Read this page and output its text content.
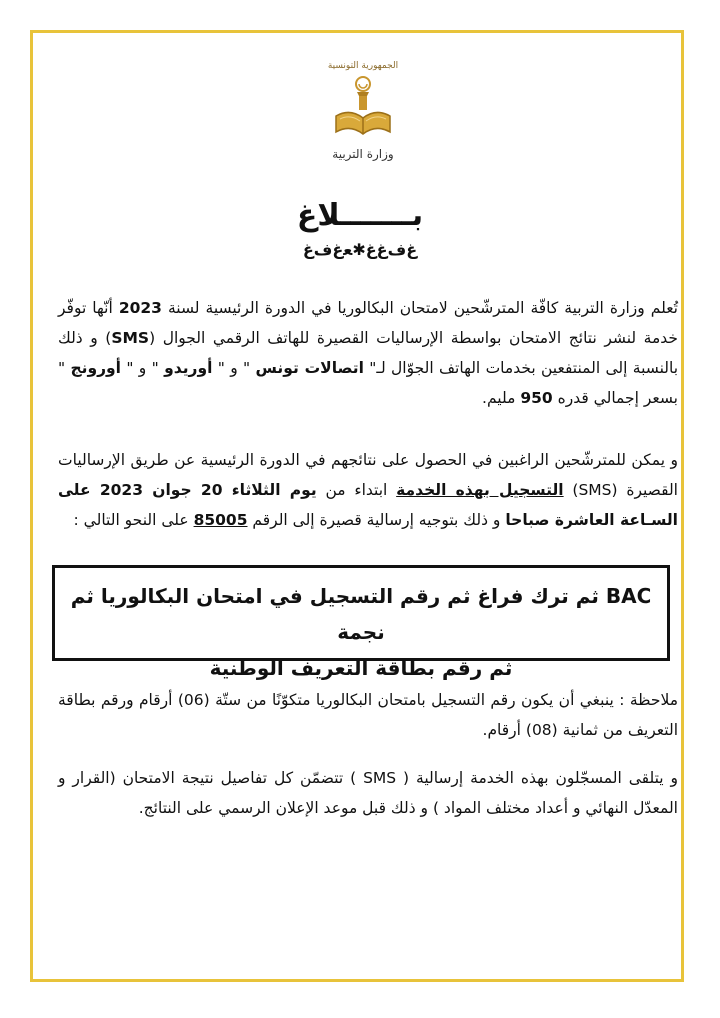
الجمهورية التونسية
وزارة التربية
بـــــــلاغ
ﻍﻑﻍﻍ✱ﻌﻍﻑﻍ
تُعلم وزارة التربية كافّة المترشّحين لامتحان البكالوريا في الدورة الرئيسية لسنة 2023 أنّها توفّر خدمة لنشر نتائج الامتحان بواسطة الإرساليات القصيرة للهاتف الرقمي الجوال (SMS) و ذلك بالنسبة إلى المنتفعين بخدمات الهاتف الجوّال لـ" اتصالات تونس " و " أوريدو " و " أورونج " بسعر إجمالي قدره 950 مليم.
و يمكن للمترشّحين الراغبين في الحصول على نتائجهم في الدورة الرئيسية عن طريق الإرساليات القصيرة (SMS) التسجيل بهذه الخدمة ابتداء من يوم الثلاثاء 20 جوان 2023 على السـاعة العاشرة صباحا و ذلك بتوجيه إرسالية قصيرة إلى الرقم 85005 على النحو التالي :
BAC ثم ترك فراغ ثم رقم التسجيل في امتحان البكالوريا ثم نجمة
ثم رقم بطاقة التعريف الوطنية
ملاحظة : ينبغي أن يكون رقم التسجيل بامتحان البكالوريا متكوّنًا من ستّة (06) أرقام ورقم بطاقة التعريف من ثمانية (08) أرقام.
و يتلقى المسجّلون بهذه الخدمة إرسالية ( SMS ) تتضمّن كل تفاصيل نتيجة الامتحان (القرار و المعدّل النهائي و أعداد مختلف المواد ) و ذلك قبل موعد الإعلان الرسمي على النتائج.
